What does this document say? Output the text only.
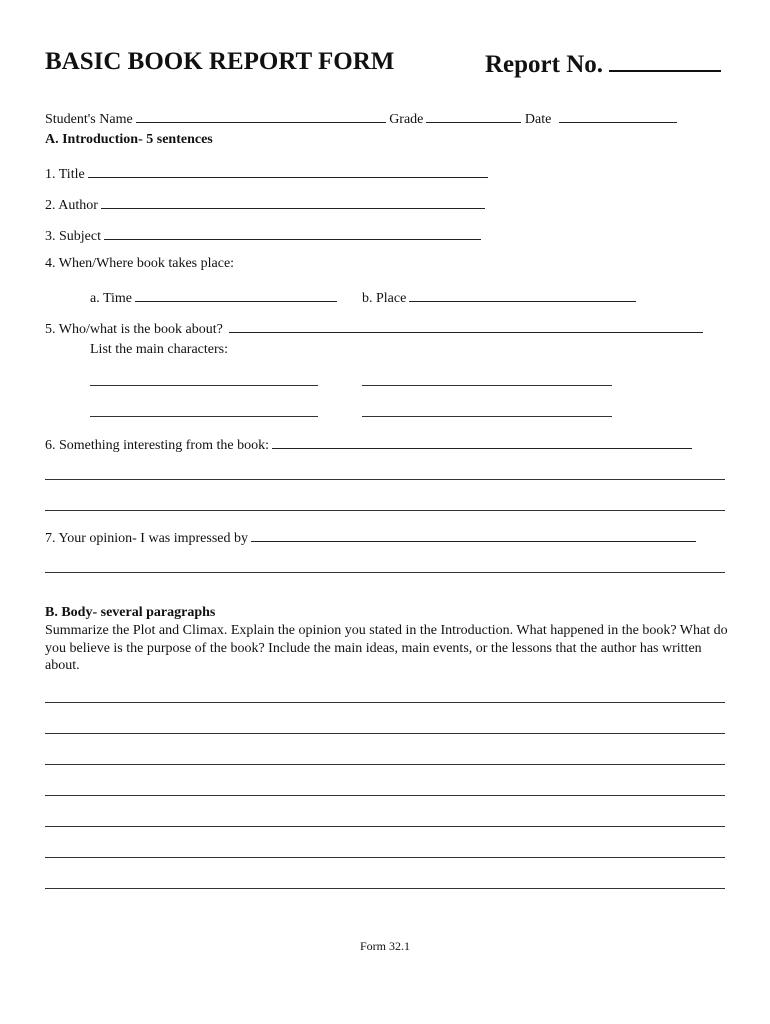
BASIC BOOK REPORT FORM	Report No.
Student's Name	Grade	Date
A. Introduction- 5 sentences
1. Title
2. Author
3. Subject
4. When/Where book takes place:
a. Time	b. Place
5. Who/what is the book about?
List the main characters:
6. Something interesting from the book:
7. Your opinion- I was impressed by
B. Body- several paragraphs
Summarize the Plot and Climax. Explain the opinion you stated in the Introduction. What happened in the book? What do you believe is the purpose of the book? Include the main ideas, main events, or the lessons that the author has written about.
Form 32.1
